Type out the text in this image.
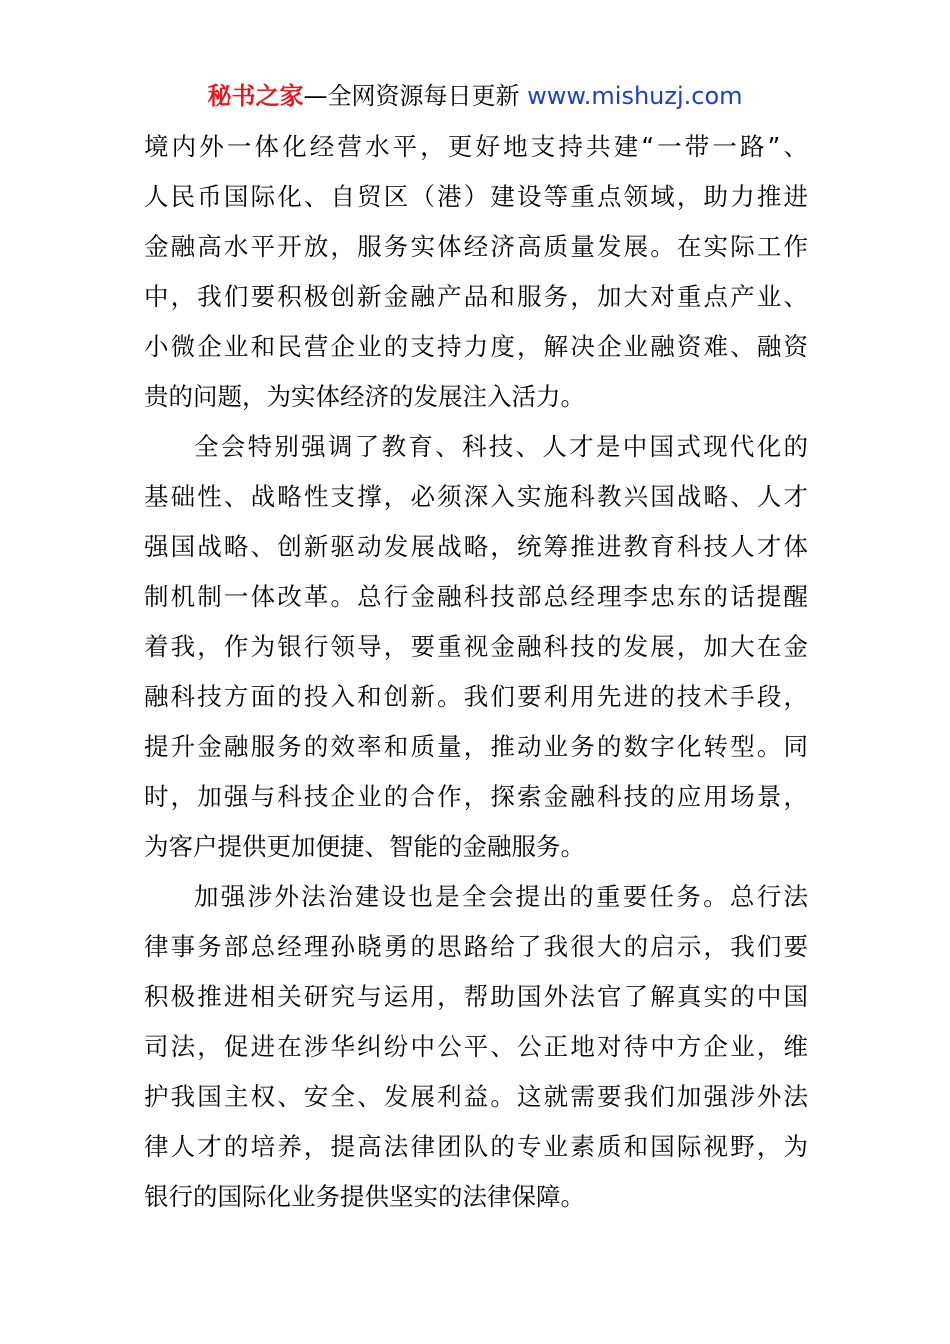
秘书之家—全网资源每日更新 www.mishuzj.com
境内外一体化经营水平，更好地支持共建“一带一路”、
人民币国际化、自贸区（港）建设等重点领域，助力推进
金融高水平开放，服务实体经济高质量发展。在实际工作
中，我们要积极创新金融产品和服务，加大对重点产业、
小微企业和民营企业的支持力度，解决企业融资难、融资
贵的问题，为实体经济的发展注入活力。
全会特别强调了教育、科技、人才是中国式现代化的
基础性、战略性支撑，必须深入实施科教兴国战略、人才
强国战略、创新驱动发展战略，统筹推进教育科技人才体
制机制一体改革。总行金融科技部总经理李忠东的话提醒
着我，作为银行领导，要重视金融科技的发展，加大在金
融科技方面的投入和创新。我们要利用先进的技术手段，
提升金融服务的效率和质量，推动业务的数字化转型。同
时，加强与科技企业的合作，探索金融科技的应用场景，
为客户提供更加便捷、智能的金融服务。
加强涉外法治建设也是全会提出的重要任务。总行法
律事务部总经理孙晓勇的思路给了我很大的启示，我们要
积极推进相关研究与运用，帮助国外法官了解真实的中国
司法，促进在涉华纠纷中公平、公正地对待中方企业，维
护我国主权、安全、发展利益。这就需要我们加强涉外法
律人才的培养，提高法律团队的专业素质和国际视野，为
银行的国际化业务提供坚实的法律保障。
